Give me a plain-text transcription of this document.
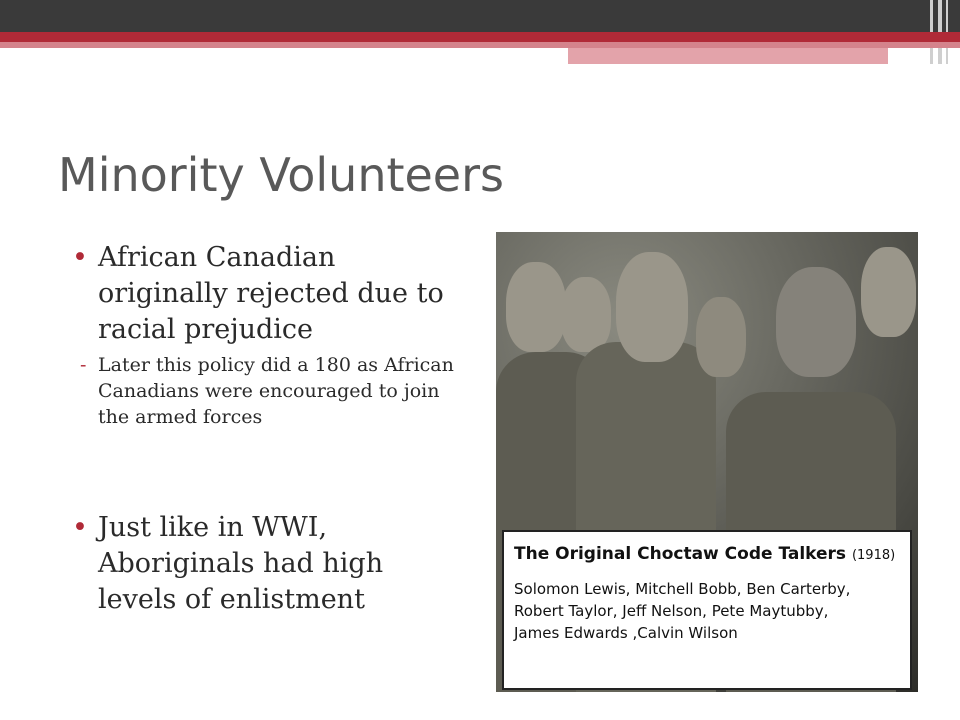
Minority Volunteers
• African Canadian originally rejected due to racial prejudice
- Later this policy did a 180 as African Canadians were encouraged to join the armed forces
• Just like in WWI, Aboriginals had high levels of enlistment
The Original Choctaw Code Talkers (1918)
Solomon Lewis, Mitchell Bobb, Ben Carterby,
Robert Taylor, Jeff Nelson, Pete Maytubby,
James Edwards ,Calvin Wilson
